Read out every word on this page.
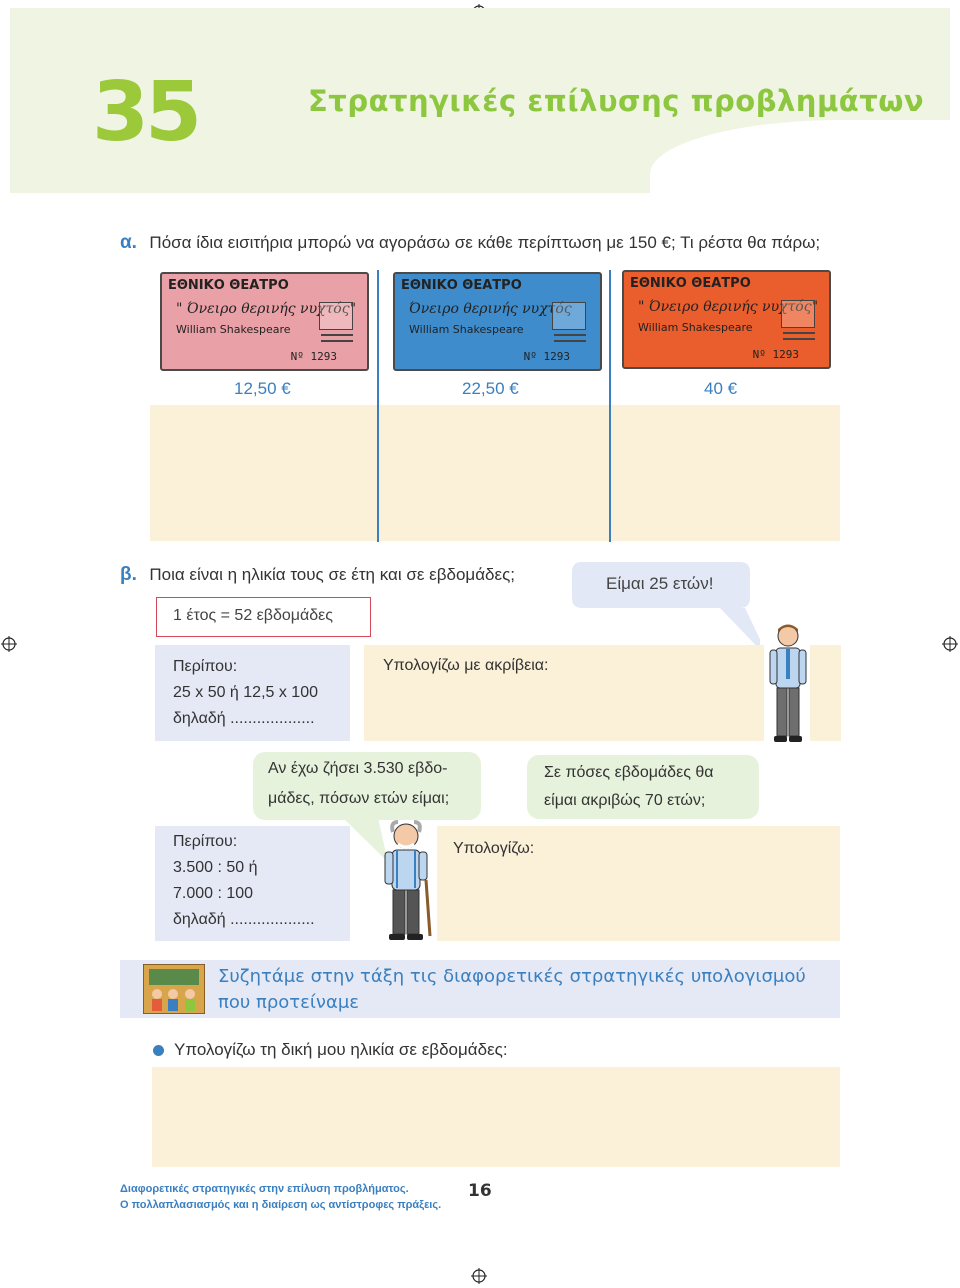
35	Στρατηγικές επίλυσης προβλημάτων
α. Πόσα ίδια εισιτήρια μπορώ να αγοράσω σε κάθε περίπτωση με 150 €; Τι ρέστα θα πάρω;
ΕΘΝΙΚΟ ΘΕΑΤΡΟ
" Όνειρο θερινής νυχτός"
William Shakespeare
Νº 1293
ΕΘΝΙΚΟ ΘΕΑΤΡΟ
Όνειρο θερινής νυχτός
William Shakespeare
Νº 1293
ΕΘΝΙΚΟ ΘΕΑΤΡΟ
" Όνειρο θερινής νυχτός"
William Shakespeare
Νº 1293
12,50 €	22,50 €	40 €
β. Ποια είναι η ηλικία τους σε έτη και σε εβδομάδες;
1 έτος = 52 εβδομάδες
Είμαι 25 ετών!
Περίπου:
25 x 50 ή 12,5 x 100
δηλαδή ...................
Υπολογίζω με ακρίβεια:
Αν έχω ζήσει 3.530 εβδο-
μάδες, πόσων ετών είμαι;
Σε πόσες εβδομάδες θα
είμαι ακριβώς 70 ετών;
Περίπου:
3.500 : 50 ή
7.000 : 100
δηλαδή ...................
Υπολογίζω:
Συζητάμε στην τάξη τις διαφορετικές στρατηγικές υπολογισμού που προτείναμε
Υπολογίζω τη δική μου ηλικία σε εβδομάδες:
Διαφορετικές στρατηγικές στην επίλυση προβλήματος.
Ο πολλαπλασιασμός και η διαίρεση ως αντίστροφες πράξεις.
16
